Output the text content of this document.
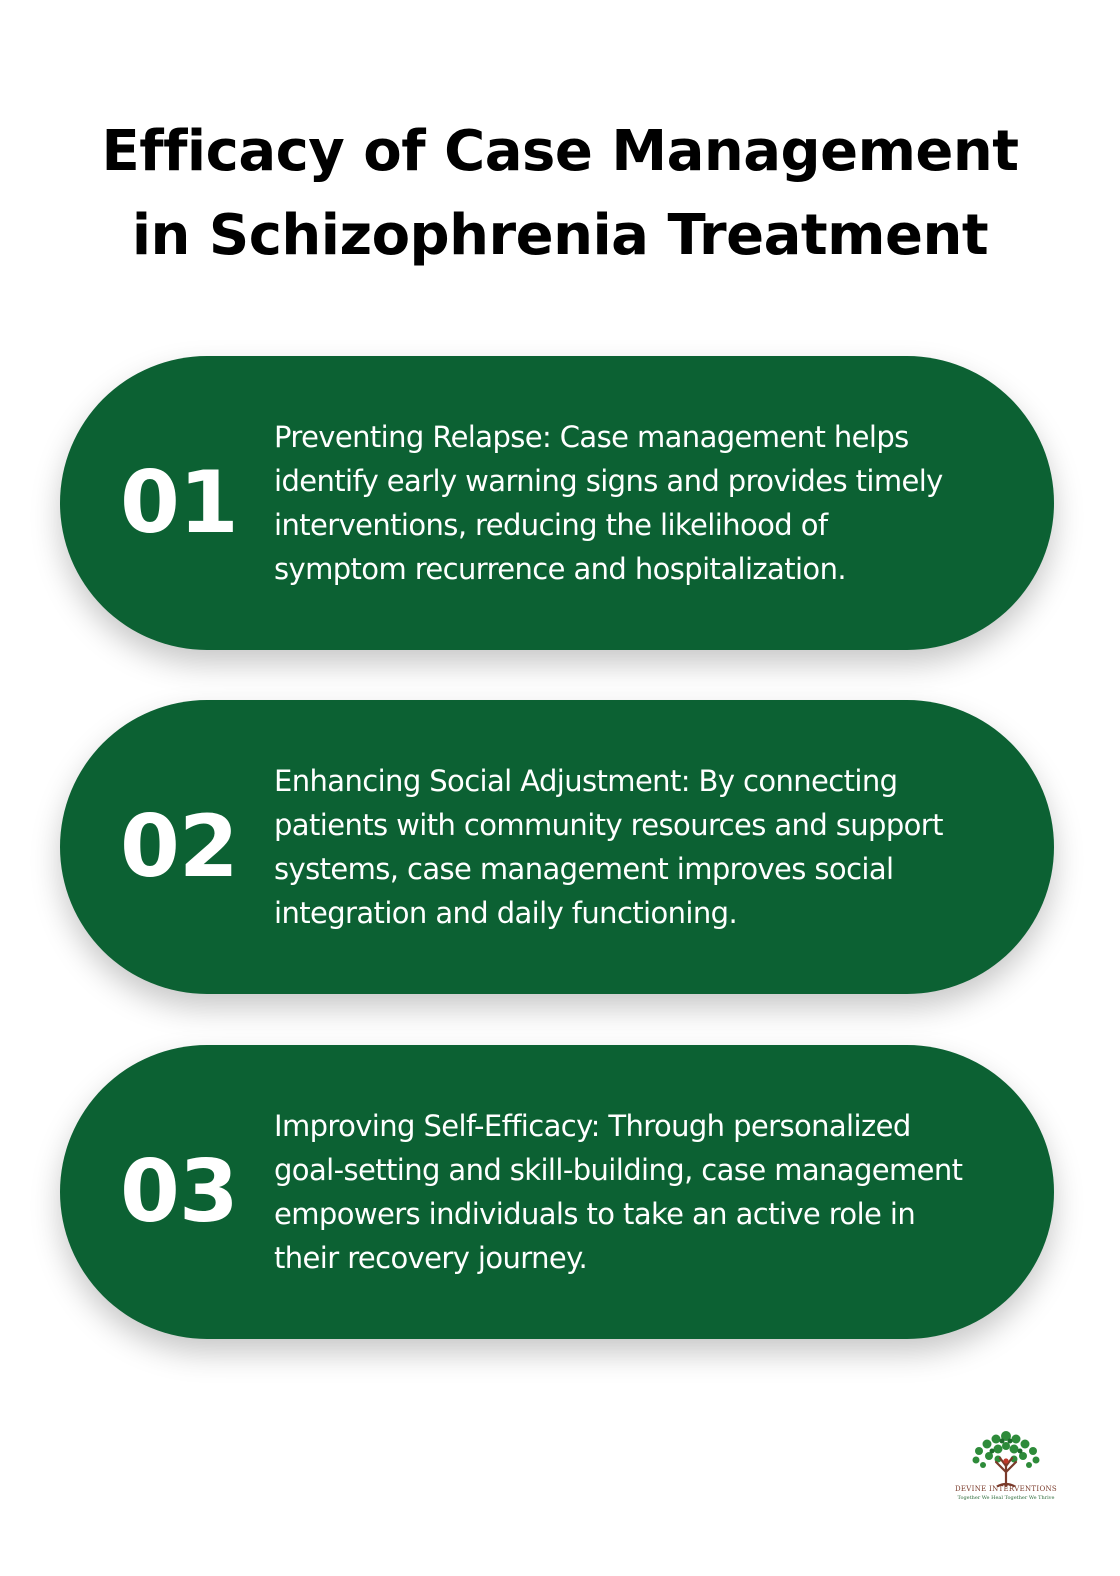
Efficacy of Case Management
in Schizophrenia Treatment
01
Preventing Relapse: Case management helps
identify early warning signs and provides timely
interventions, reducing the likelihood of
symptom recurrence and hospitalization.
02
Enhancing Social Adjustment: By connecting
patients with community resources and support
systems, case management improves social
integration and daily functioning.
03
Improving Self-Efficacy: Through personalized
goal-setting and skill-building, case management
empowers individuals to take an active role in
their recovery journey.
DEVINE INTERVENTIONS
Together We Heal Together We Thrive
